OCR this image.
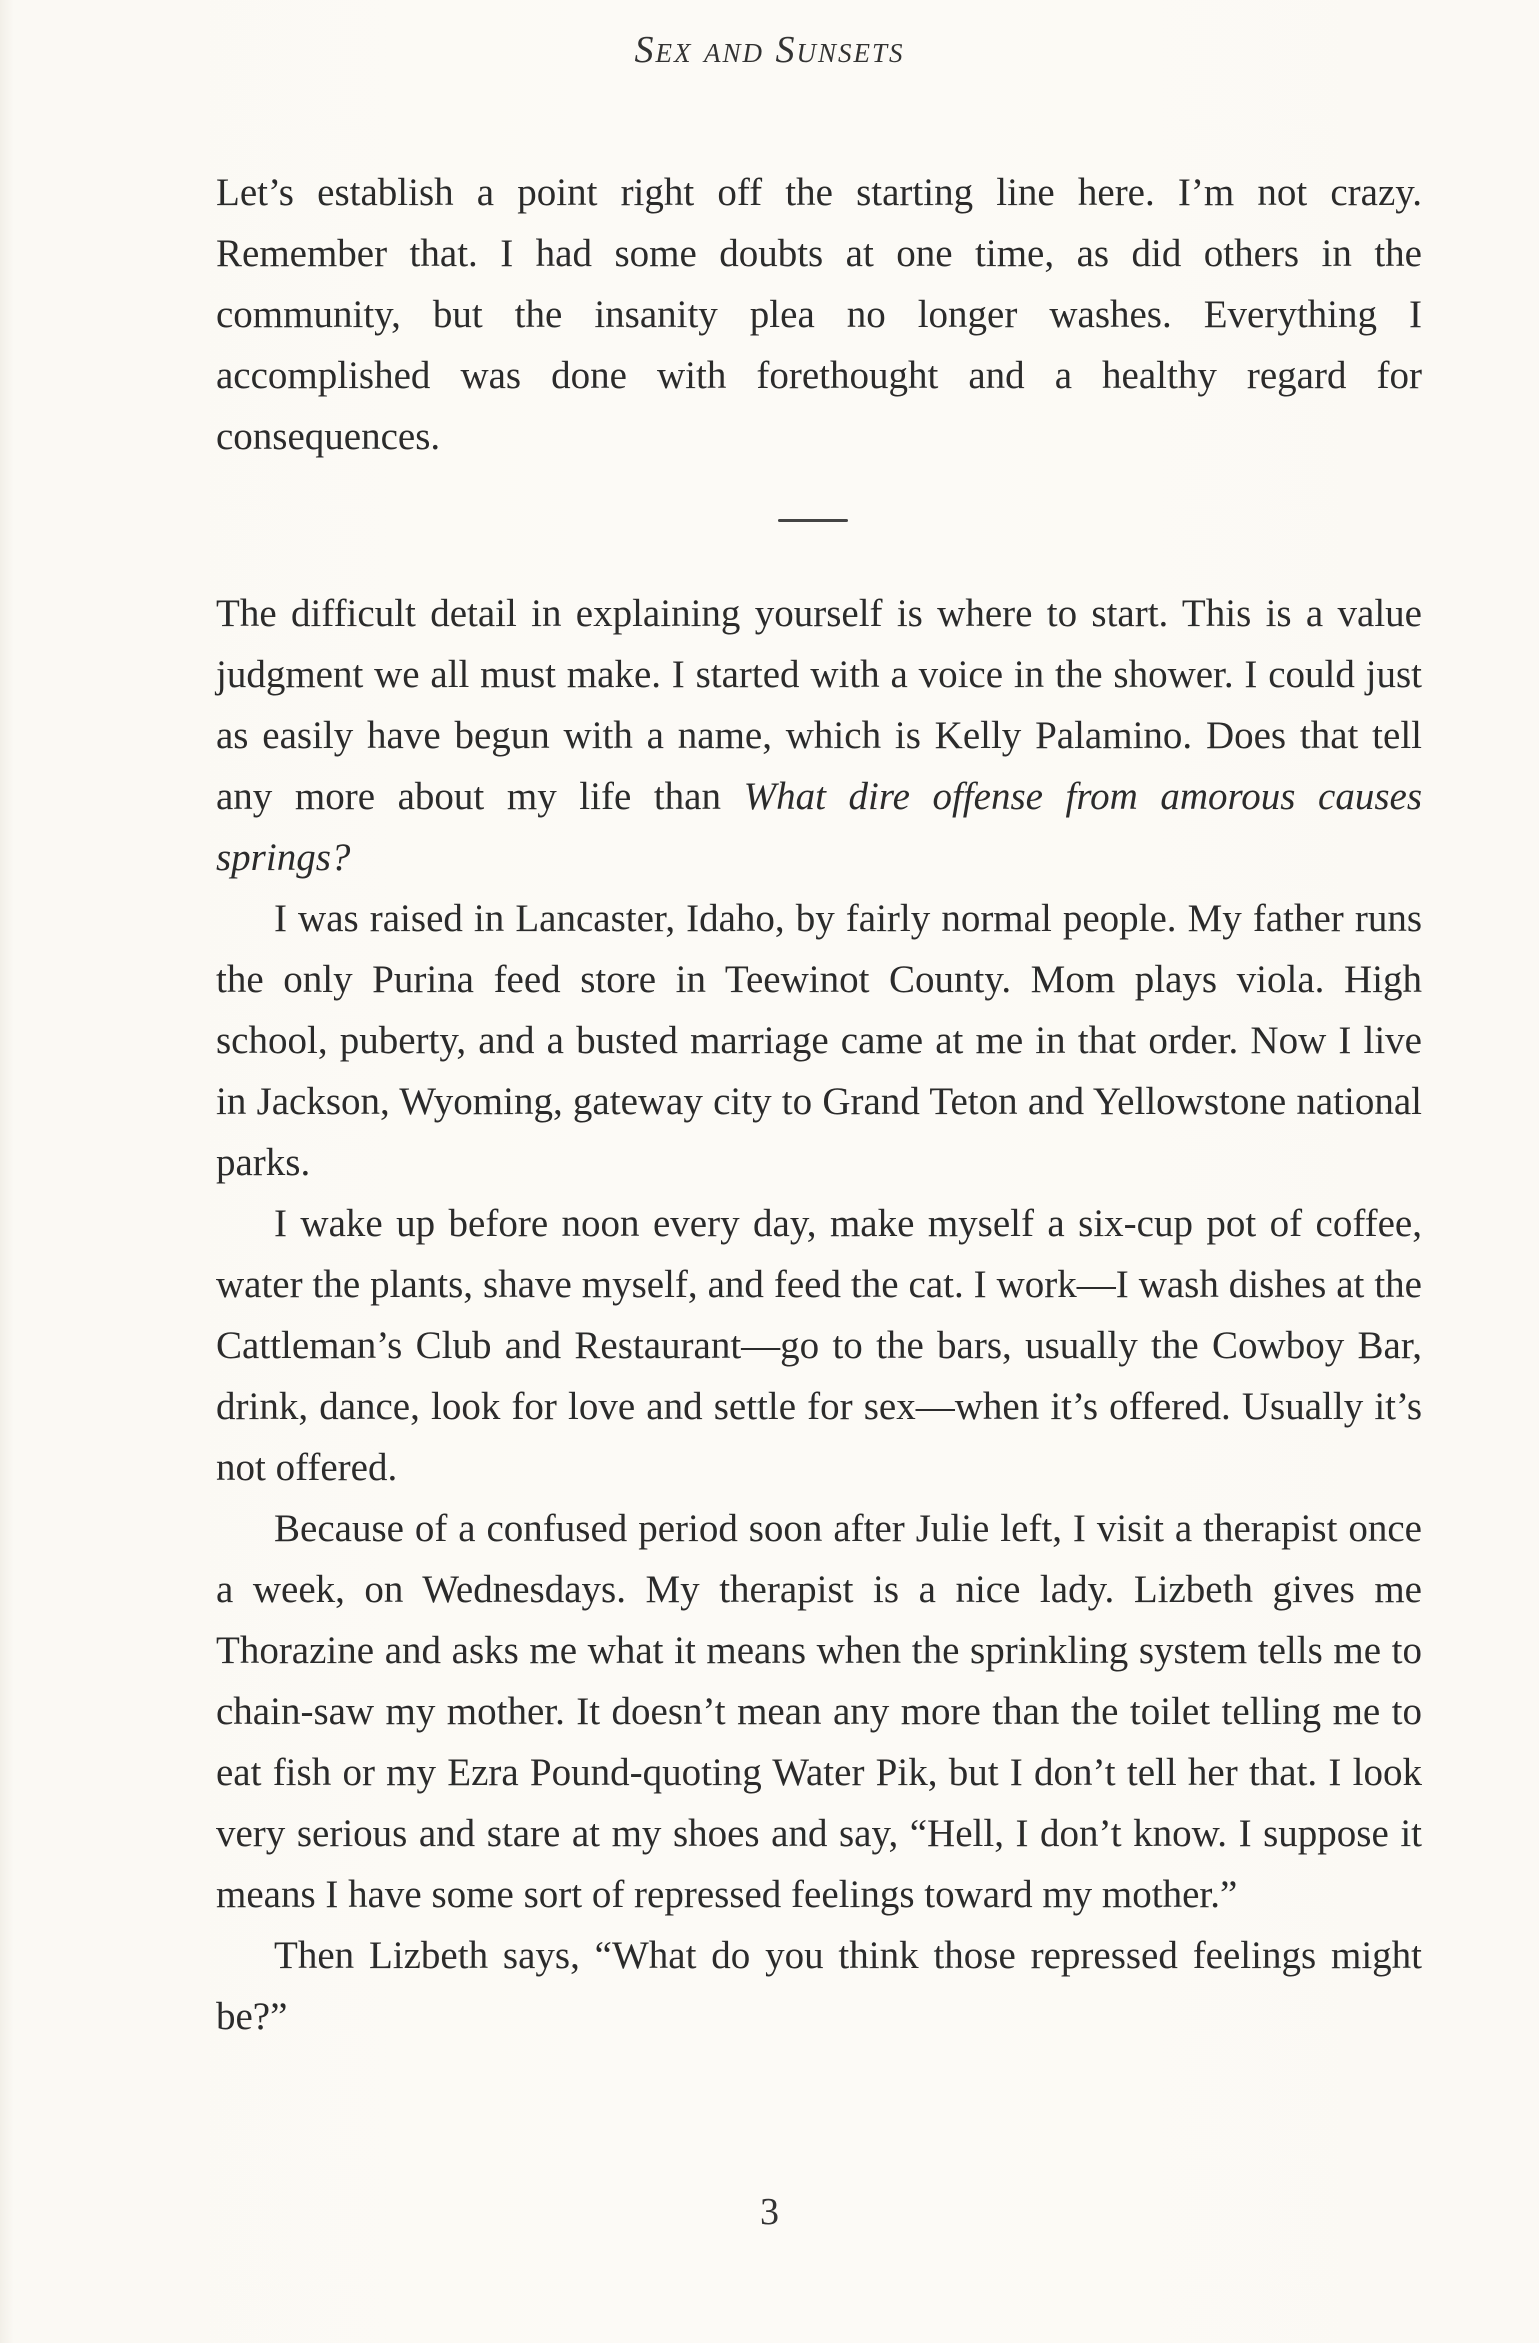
Sex and Sunsets

Let’s establish a point right off the starting line here. I’m not crazy. Remember that. I had some doubts at one time, as did others in the community, but the insanity plea no longer washes. Everything I accomplished was done with forethought and a healthy regard for consequences.

The difficult detail in explaining yourself is where to start. This is a value judgment we all must make. I started with a voice in the shower. I could just as easily have begun with a name, which is Kelly Palamino. Does that tell any more about my life than What dire offense from amorous causes springs?

I was raised in Lancaster, Idaho, by fairly normal people. My father runs the only Purina feed store in Teewinot County. Mom plays viola. High school, puberty, and a busted marriage came at me in that order. Now I live in Jackson, Wyoming, gateway city to Grand Teton and Yellowstone national parks.

I wake up before noon every day, make myself a six-cup pot of coffee, water the plants, shave myself, and feed the cat. I work—I wash dishes at the Cattleman’s Club and Restaurant—go to the bars, usually the Cowboy Bar, drink, dance, look for love and settle for sex—when it’s offered. Usually it’s not offered.

Because of a confused period soon after Julie left, I visit a therapist once a week, on Wednesdays. My therapist is a nice lady. Lizbeth gives me Thorazine and asks me what it means when the sprinkling system tells me to chain-saw my mother. It doesn’t mean any more than the toilet telling me to eat fish or my Ezra Pound-quoting Water Pik, but I don’t tell her that. I look very serious and stare at my shoes and say, “Hell, I don’t know. I suppose it means I have some sort of repressed feelings toward my mother.”

Then Lizbeth says, “What do you think those repressed feelings might be?”

3
